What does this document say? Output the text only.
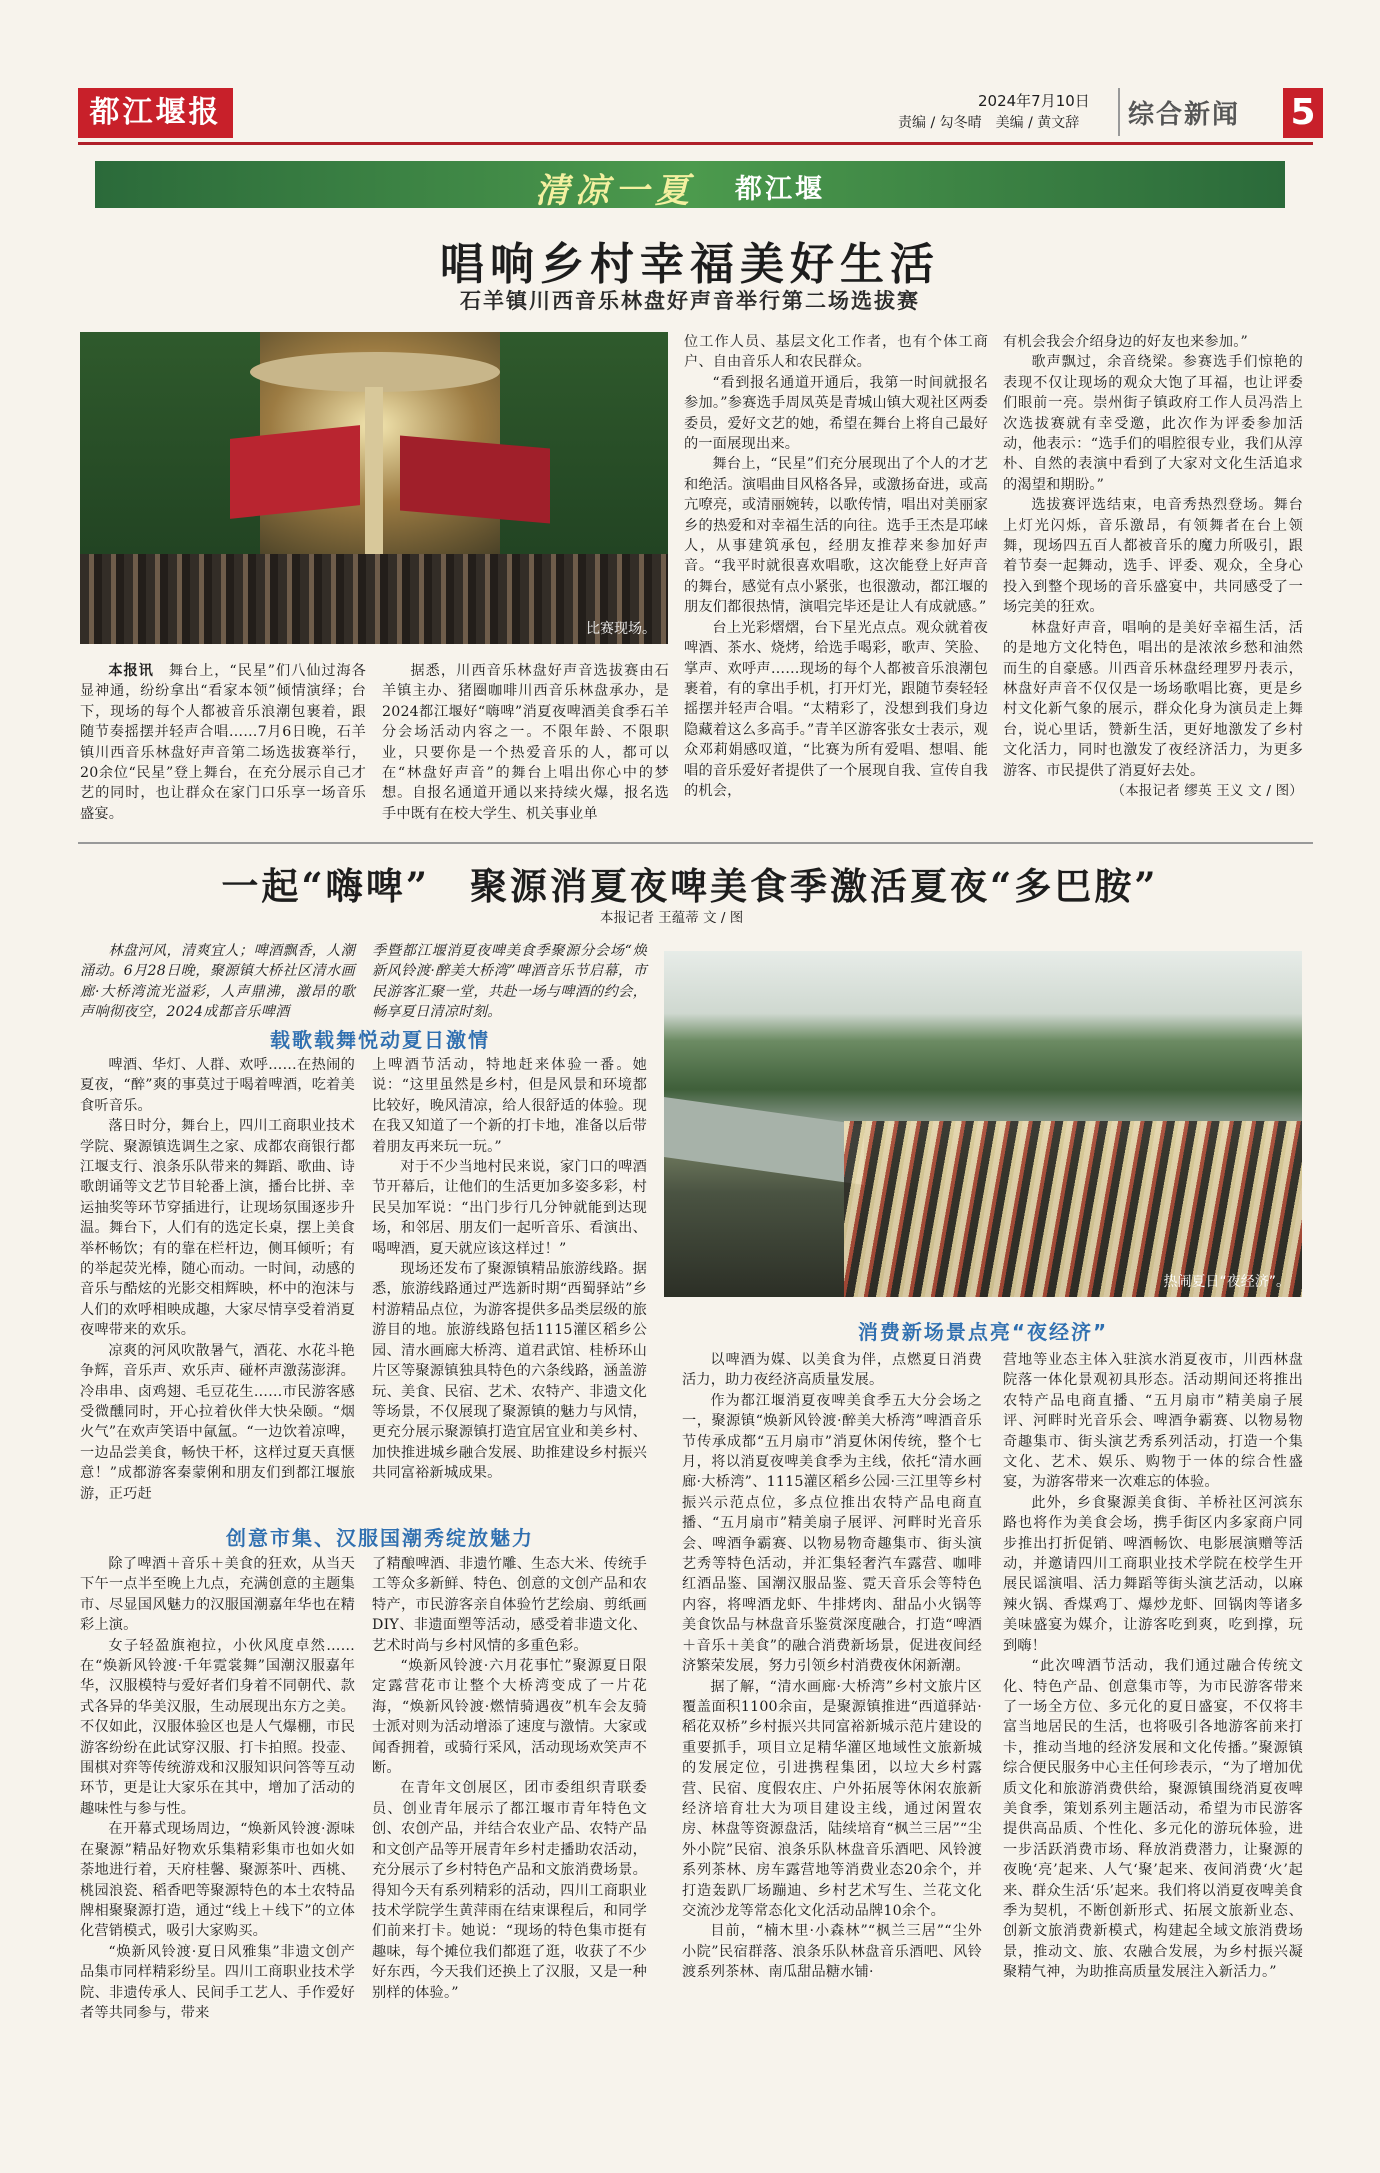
都江堰报	2024年7月10日
责编 / 勾冬晴　美编 / 黄文辞 综合新闻 5
清凉一夏 都江堰
唱响乡村幸福美好生活
石羊镇川西音乐林盘好声音举行第二场选拔赛
比赛现场。

本报讯　 舞台上，“民星”们八仙过海各显神通，纷纷拿出“看家本领”倾情演绎；台下，现场的每个人都被音乐浪潮包裹着，跟随节奏摇摆并轻声合唱……7月6日晚，石羊镇川西音乐林盘好声音第二场选拔赛举行，20余位“民星”登上舞台，在充分展示自己才艺的同时，也让群众在家门口乐享一场音乐盛宴。

据悉，川西音乐林盘好声音选拔赛由石羊镇主办、猪圈咖啡川西音乐林盘承办，是2024都江堰好“嗨啤”消夏夜啤酒美食季石羊分会场活动内容之一。不限年龄、不限职业，只要你是一个热爱音乐的人，都可以在“林盘好声音”的舞台上唱出你心中的梦想。自报名通道开通以来持续火爆，报名选手中既有在校大学生、机关事业单

位工作人员、基层文化工作者，也有个体工商户、自由音乐人和农民群众。

“看到报名通道开通后，我第一时间就报名参加。”参赛选手周凤英是青城山镇大观社区两委委员，爱好文艺的她，希望在舞台上将自己最好的一面展现出来。

舞台上，“民星”们充分展现出了个人的才艺和绝活。演唱曲目风格各异，或激扬奋进，或高亢嘹亮，或清丽婉转，以歌传情，唱出对美丽家乡的热爱和对幸福生活的向往。选手王杰是邛崃人，从事建筑承包，经朋友推荐来参加好声音。“我平时就很喜欢唱歌，这次能登上好声音的舞台，感觉有点小紧张，也很激动，都江堰的朋友们都很热情，演唱完毕还是让人有成就感。”

台上光彩熠熠，台下星光点点。观众就着夜啤酒、茶水、烧烤，给选手喝彩，歌声、笑脸、掌声、欢呼声……现场的每个人都被音乐浪潮包裹着，有的拿出手机，打开灯光，跟随节奏轻轻摇摆并轻声合唱。“太精彩了，没想到我们身边隐藏着这么多高手。”青羊区游客张女士表示，观众邓莉娟感叹道，“比赛为所有爱唱、想唱、能唱的音乐爱好者提供了一个展现自我、宣传自我的机会，

有机会我会介绍身边的好友也来参加。”

歌声飘过，余音绕梁。参赛选手们惊艳的表现不仅让现场的观众大饱了耳福，也让评委们眼前一亮。崇州街子镇政府工作人员冯浩上次选拔赛就有幸受邀，此次作为评委参加活动，他表示：“选手们的唱腔很专业，我们从淳朴、自然的表演中看到了大家对文化生活追求的渴望和期盼。”

选拔赛评选结束，电音秀热烈登场。舞台上灯光闪烁，音乐激昂，有领舞者在台上领舞，现场四五百人都被音乐的魔力所吸引，跟着节奏一起舞动，选手、评委、观众，全身心投入到整个现场的音乐盛宴中，共同感受了一场完美的狂欢。

林盘好声音，唱响的是美好幸福生活，活的是地方文化特色，唱出的是浓浓乡愁和油然而生的自豪感。川西音乐林盘经理罗丹表示，林盘好声音不仅仅是一场场歌唱比赛，更是乡村文化新气象的展示，群众化身为演员走上舞台，说心里话，赞新生活，更好地激发了乡村文化活力，同时也激发了夜经济活力，为更多游客、市民提供了消夏好去处。

（本报记者 缪英 王义 文 / 图）
一起“嗨啤”　聚源消夏夜啤美食季激活夏夜“多巴胺”
本报记者 王蕴蒂 文 / 图

林盘河风，清爽宜人；啤酒飘香，人潮涌动。6月28日晚，聚源镇大桥社区清水画廊·大桥湾流光溢彩，人声鼎沸，激昂的歌声响彻夜空，2024成都音乐啤酒

季暨都江堰消夏夜啤美食季聚源分会场“焕新风铃渡·醉美大桥湾”啤酒音乐节启幕，市民游客汇聚一堂，共赴一场与啤酒的约会，畅享夏日清凉时刻。

载歌载舞悦动夏日激情

啤酒、华灯、人群、欢呼……在热闹的夏夜，“醉”爽的事莫过于喝着啤酒，吃着美食听音乐。

落日时分，舞台上，四川工商职业技术学院、聚源镇选调生之家、成都农商银行都江堰支行、浪条乐队带来的舞蹈、歌曲、诗歌朗诵等文艺节目轮番上演，播台比拼、幸运抽奖等环节穿插进行，让现场氛围逐步升温。舞台下，人们有的选定长桌，摆上美食举杯畅饮；有的靠在栏杆边，侧耳倾听；有的举起荧光棒，随心而动。一时间，动感的音乐与酷炫的光影交相辉映，杯中的泡沫与人们的欢呼相映成趣，大家尽情享受着消夏夜啤带来的欢乐。

凉爽的河风吹散暑气，酒花、水花斗艳争辉，音乐声、欢乐声、碰杯声激荡澎湃。冷串串、卤鸡翅、毛豆花生……市民游客感受微醺同时，开心拉着伙伴大快朵颐。“烟火气”在欢声笑语中氤氲。“一边饮着凉啤，一边品尝美食，畅快干杯，这样过夏天真惬意！”成都游客秦蒙俐和朋友们到都江堰旅游，正巧赶

上啤酒节活动，特地赶来体验一番。她说：“这里虽然是乡村，但是风景和环境都比较好，晚风清凉，给人很舒适的体验。现在我又知道了一个新的打卡地，准备以后带着朋友再来玩一玩。”

对于不少当地村民来说，家门口的啤酒节开幕后，让他们的生活更加多姿多彩，村民吴加军说：“出门步行几分钟就能到达现场，和邻居、朋友们一起听音乐、看演出、喝啤酒，夏天就应该这样过！”

现场还发布了聚源镇精品旅游线路。据悉，旅游线路通过严选新时期“西蜀驿站”乡村游精品点位，为游客提供多品类层级的旅游目的地。旅游线路包括1115灌区稻乡公园、清水画廊大桥湾、道君武馆、桂桥环山片区等聚源镇独具特色的六条线路，涵盖游玩、美食、民宿、艺术、农特产、非遗文化等场景，不仅展现了聚源镇的魅力与风情，更充分展示聚源镇打造宜居宜业和美乡村、加快推进城乡融合发展、助推建设乡村振兴共同富裕新城成果。

创意市集、汉服国潮秀绽放魅力

除了啤酒＋音乐＋美食的狂欢，从当天下午一点半至晚上九点，充满创意的主题集市、尽显国风魅力的汉服国潮嘉年华也在精彩上演。

女子轻盈旗袍拉，小伙风度卓然……在“焕新风铃渡·千年霓裳舞”国潮汉服嘉年华，汉服模特与爱好者们身着不同朝代、款式各异的华美汉服，生动展现出东方之美。不仅如此，汉服体验区也是人气爆棚，市民游客纷纷在此试穿汉服、打卡拍照。投壶、围棋对弈等传统游戏和汉服知识问答等互动环节，更是让大家乐在其中，增加了活动的趣味性与参与性。

在开幕式现场周边，“焕新风铃渡·源味在聚源”精品好物欢乐集精彩集市也如火如荼地进行着，天府桂馨、聚源茶叶、西桃、桃园浪瓷、稻香吧等聚源特色的本土农特品牌相聚聚源打造，通过“线上＋线下”的立体化营销模式，吸引大家购买。

“焕新风铃渡·夏日风雅集”非遗文创产品集市同样精彩纷呈。四川工商职业技术学院、非遗传承人、民间手工艺人、手作爱好者等共同参与，带来

了精酿啤酒、非遗竹雕、生态大米、传统手工等众多新鲜、特色、创意的文创产品和农特产，市民游客亲自体验竹艺绘扇、剪纸画DIY、非遗面塑等活动，感受着非遗文化、艺术时尚与乡村风情的多重色彩。

“焕新风铃渡·六月花事忙”聚源夏日限定露营花市让整个大桥湾变成了一片花海，“焕新风铃渡·燃情骑遇夜”机车会友骑士派对则为活动增添了速度与激情。大家或闻香拥着，或骑行采风，活动现场欢笑声不断。

在青年文创展区，团市委组织青联委员、创业青年展示了都江堰市青年特色文创、农创产品，并结合农业产品、农特产品和文创产品等开展青年乡村走播助农活动，充分展示了乡村特色产品和文旅消费场景。得知今天有系列精彩的活动，四川工商职业技术学院学生黄萍雨在结束课程后，和同学们前来打卡。她说：“现场的特色集市挺有趣味，每个摊位我们都逛了逛，收获了不少好东西，今天我们还换上了汉服，又是一种别样的体验。”

热闹夏日“夜经济”。
消费新场景点亮“夜经济”

以啤酒为媒、以美食为伴，点燃夏日消费活力，助力夜经济高质量发展。

作为都江堰消夏夜啤美食季五大分会场之一，聚源镇“焕新风铃渡·醉美大桥湾”啤酒音乐节传承成都“五月扇市”消夏休闲传统，整个七月，将以消夏夜啤美食季为主线，依托“清水画廊·大桥湾”、1115灌区稻乡公园·三江里等乡村振兴示范点位，多点位推出农特产品电商直播、“五月扇市”精美扇子展评、河畔时光音乐会、啤酒争霸赛、以物易物奇趣集市、街头演艺秀等特色活动，并汇集轻奢汽车露营、咖啡红酒品鉴、国潮汉服品鉴、霓天音乐会等特色内容，将啤酒龙虾、牛排烤肉、甜品小火锅等美食饮品与林盘音乐鉴赏深度融合，打造“啤酒＋音乐＋美食”的融合消费新场景，促进夜间经济繁荣发展，努力引领乡村消费夜休闲新潮。

据了解，“清水画廊·大桥湾”乡村文旅片区覆盖面积1100余亩，是聚源镇推进“西道驿站·稻花双桥”乡村振兴共同富裕新城示范片建设的重要抓手，项目立足精华灌区地域性文旅新城的发展定位，引进携程集团，以垃大乡村露营、民宿、度假农庄、户外拓展等休闲农旅新经济培育壮大为项目建设主线，通过闲置农房、林盘等资源盘活，陆续培育“枫兰三居”“尘外小院”民宿、浪条乐队林盘音乐酒吧、风铃渡系列茶林、房车露营地等消费业态20余个，并打造轰趴厂场蹦迪、乡村艺术写生、兰花文化交流沙龙等常态化文化活动品牌10余个。

目前，“楠木里·小森林”“枫兰三居”“尘外小院”民宿群落、浪条乐队林盘音乐酒吧、风铃渡系列茶林、南瓜甜品糖水铺·

营地等业态主体入驻滨水消夏夜市，川西林盘院落一体化景观初具形态。活动期间还将推出农特产品电商直播、“五月扇市”精美扇子展评、河畔时光音乐会、啤酒争霸赛、以物易物奇趣集市、街头演艺秀系列活动，打造一个集文化、艺术、娱乐、购物于一体的综合性盛宴，为游客带来一次难忘的体验。

此外，乡食聚源美食街、羊桥社区河滨东路也将作为美食会场，携手街区内多家商户同步推出打折促销、啤酒畅饮、电影展演赠等活动，并邀请四川工商职业技术学院在校学生开展民谣演唱、活力舞蹈等街头演艺活动，以麻辣火锅、香煤鸡丁、爆炒龙虾、回锅肉等诸多美味盛宴为媒介，让游客吃到爽，吃到撑，玩到嗨！

“此次啤酒节活动，我们通过融合传统文化、特色产品、创意集市等，为市民游客带来了一场全方位、多元化的夏日盛宴，不仅将丰富当地居民的生活，也将吸引各地游客前来打卡，推动当地的经济发展和文化传播。”聚源镇综合便民服务中心主任何珍表示，“为了增加优质文化和旅游消费供给，聚源镇围绕消夏夜啤美食季，策划系列主题活动，希望为市民游客提供高品质、个性化、多元化的游玩体验，进一步活跃消费市场、释放消费潜力，让聚源的夜晚‘亮’起来、人气‘聚’起来、夜间消费‘火’起来、群众生活‘乐’起来。我们将以消夏夜啤美食季为契机，不断创新形式、拓展文旅新业态、创新文旅消费新模式，构建起全域文旅消费场景，推动文、旅、农融合发展，为乡村振兴凝聚精气神，为助推高质量发展注入新活力。”
